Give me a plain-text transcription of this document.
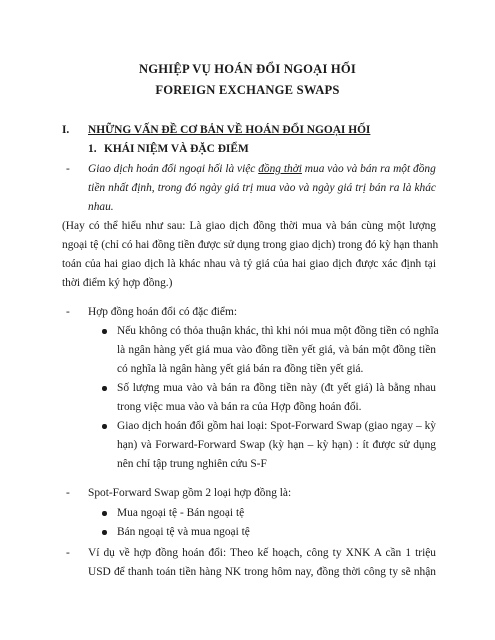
NGHIỆP VỤ HOÁN ĐỔI NGOẠI HỐI
FOREIGN EXCHANGE SWAPS
I. NHỮNG VẤN ĐỀ CƠ BẢN VỀ HOÁN ĐỔI NGOẠI HỐI
1. KHÁI NIỆM VÀ ĐẶC ĐIỂM
- Giao dịch hoán đổi ngoại hối là việc đồng thời mua vào và bán ra một đồng
tiền nhất định, trong đó ngày giá trị mua vào và ngày giá trị bán ra là khác
nhau.
(Hay có thể hiểu như sau: Là giao dịch đồng thời mua và bán cùng một lượng
ngoại tệ (chỉ có hai đồng tiền được sử dụng trong giao dịch) trong đó kỳ hạn thanh
toán của hai giao dịch là khác nhau và tỷ giá của hai giao dịch được xác định tại
thời điểm ký hợp đồng.)
- Hợp đồng hoán đổi có đặc điểm:
Nếu không có thỏa thuận khác, thì khi nói mua một đồng tiền có nghĩa
là ngân hàng yết giá mua vào đồng tiền yết giá, và bán một đồng tiền
có nghĩa là ngân hàng yết giá bán ra đồng tiền yết giá.
Số lượng mua vào và bán ra đồng tiền này (đt yết giá) là bằng nhau
trong việc mua vào và bán ra của Hợp đồng hoán đổi.
Giao dịch hoán đổi gồm hai loại: Spot-Forward Swap (giao ngay – kỳ
hạn) và Forward-Forward Swap (kỳ hạn – kỳ hạn) : ít được sử dụng
nên chỉ tập trung nghiên cứu S-F
- Spot-Forward Swap gồm 2 loại hợp đồng là:
Mua ngoại tệ - Bán ngoại tệ
Bán ngoại tệ và mua ngoại tệ
- Ví dụ về hợp đồng hoán đổi: Theo kế hoạch, công ty XNK A cần 1 triệu
USD để thanh toán tiền hàng NK trong hôm nay, đồng thời công ty sẽ nhận
